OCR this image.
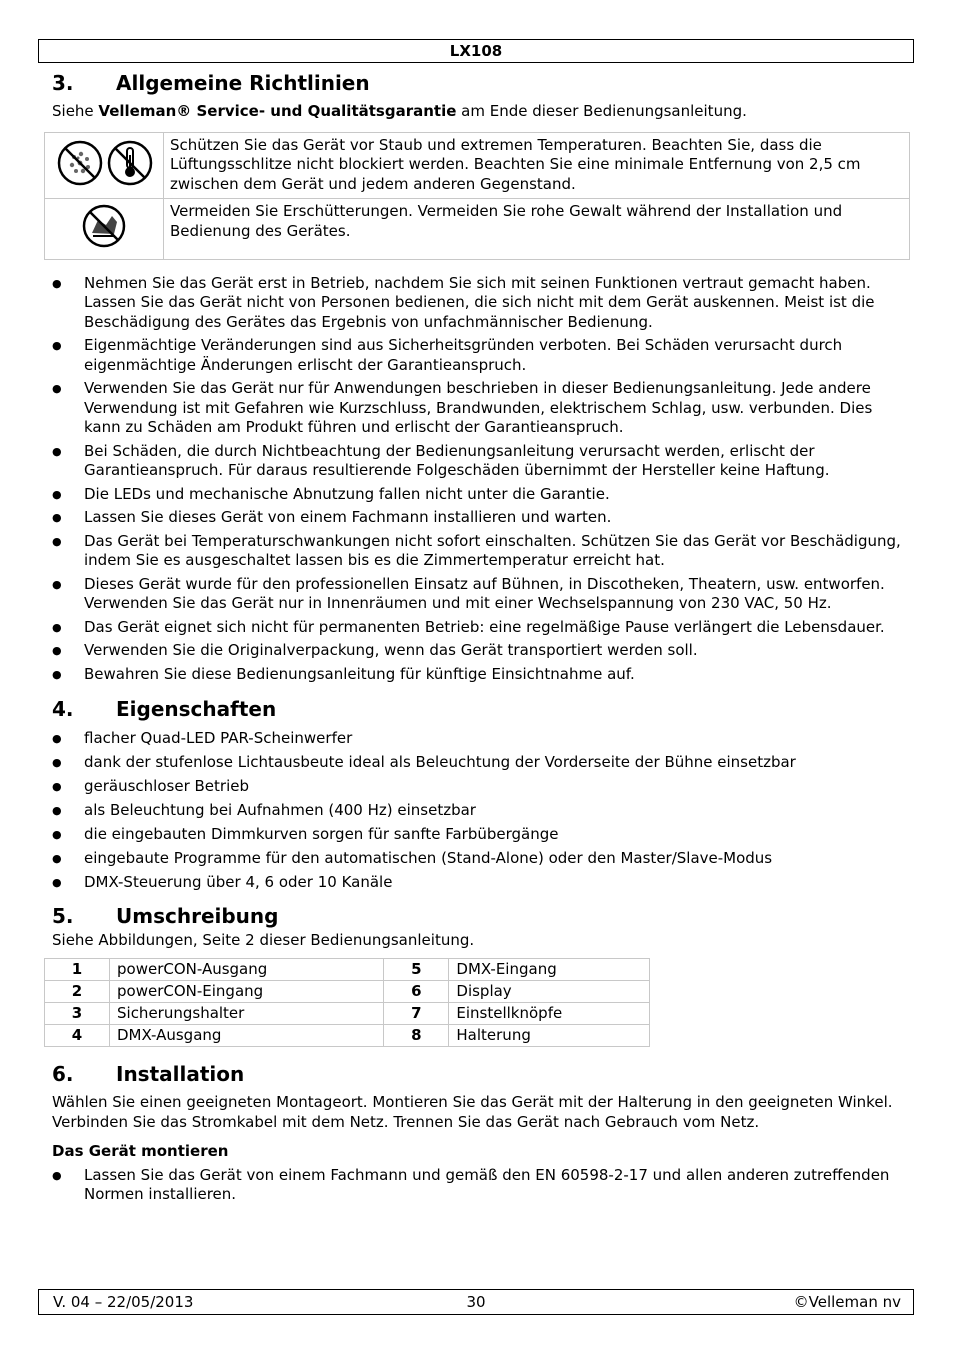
LX108
3. Allgemeine Richtlinien

Siehe Velleman® Service- und Qualitätsgarantie am Ende dieser Bedienungsanleitung.

	Schützen Sie das Gerät vor Staub und extremen Temperaturen. Beachten Sie, dass die Lüftungsschlitze nicht blockiert werden. Beachten Sie eine minimale Entfernung von 2,5 cm zwischen dem Gerät und jedem anderen Gegenstand.
	Vermeiden Sie Erschütterungen. Vermeiden Sie rohe Gewalt während der Installation und Bedienung des Gerätes.
● Nehmen Sie das Gerät erst in Betrieb, nachdem Sie sich mit seinen Funktionen vertraut gemacht haben. Lassen Sie das Gerät nicht von Personen bedienen, die sich nicht mit dem Gerät auskennen. Meist ist die Beschädigung des Gerätes das Ergebnis von unfachmännischer Bedienung.
● Eigenmächtige Veränderungen sind aus Sicherheitsgründen verboten. Bei Schäden verursacht durch eigenmächtige Änderungen erlischt der Garantieanspruch.
● Verwenden Sie das Gerät nur für Anwendungen beschrieben in dieser Bedienungsanleitung. Jede andere Verwendung ist mit Gefahren wie Kurzschluss, Brandwunden, elektrischem Schlag, usw. verbunden. Dies kann zu Schäden am Produkt führen und erlischt der Garantieanspruch.
● Bei Schäden, die durch Nichtbeachtung der Bedienungsanleitung verursacht werden, erlischt der Garantieanspruch. Für daraus resultierende Folgeschäden übernimmt der Hersteller keine Haftung.
● Die LEDs und mechanische Abnutzung fallen nicht unter die Garantie.
● Lassen Sie dieses Gerät von einem Fachmann installieren und warten.
● Das Gerät bei Temperaturschwankungen nicht sofort einschalten. Schützen Sie das Gerät vor Beschädigung, indem Sie es ausgeschaltet lassen bis es die Zimmertemperatur erreicht hat.
● Dieses Gerät wurde für den professionellen Einsatz auf Bühnen, in Discotheken, Theatern, usw. entworfen. Verwenden Sie das Gerät nur in Innenräumen und mit einer Wechselspannung von 230 VAC, 50 Hz.
● Das Gerät eignet sich nicht für permanenten Betrieb: eine regelmäßige Pause verlängert die Lebensdauer.
● Verwenden Sie die Originalverpackung, wenn das Gerät transportiert werden soll.
● Bewahren Sie diese Bedienungsanleitung für künftige Einsichtnahme auf.
4. Eigenschaften
● flacher Quad-LED PAR-Scheinwerfer
● dank der stufenlose Lichtausbeute ideal als Beleuchtung der Vorderseite der Bühne einsetzbar
● geräuschloser Betrieb
● als Beleuchtung bei Aufnahmen (400 Hz) einsetzbar
● die eingebauten Dimmkurven sorgen für sanfte Farbübergänge
● eingebaute Programme für den automatischen (Stand-Alone) oder den Master/Slave-Modus
● DMX-Steuerung über 4, 6 oder 10 Kanäle
5. Umschreibung

Siehe Abbildungen, Seite 2 dieser Bedienungsanleitung.

1	powerCON-Ausgang	5	DMX-Eingang
2	powerCON-Eingang	6	Display
3	Sicherungshalter	7	Einstellknöpfe
4	DMX-Ausgang	8	Halterung
6. Installation

Wählen Sie einen geeigneten Montageort. Montieren Sie das Gerät mit der Halterung in den geeigneten Winkel. Verbinden Sie das Stromkabel mit dem Netz. Trennen Sie das Gerät nach Gebrauch vom Netz.

Das Gerät montieren
● Lassen Sie das Gerät von einem Fachmann und gemäß den EN 60598-2-17 und allen anderen zutreffenden Normen installieren.
V. 04 – 22/05/2013	30	©Velleman nv
